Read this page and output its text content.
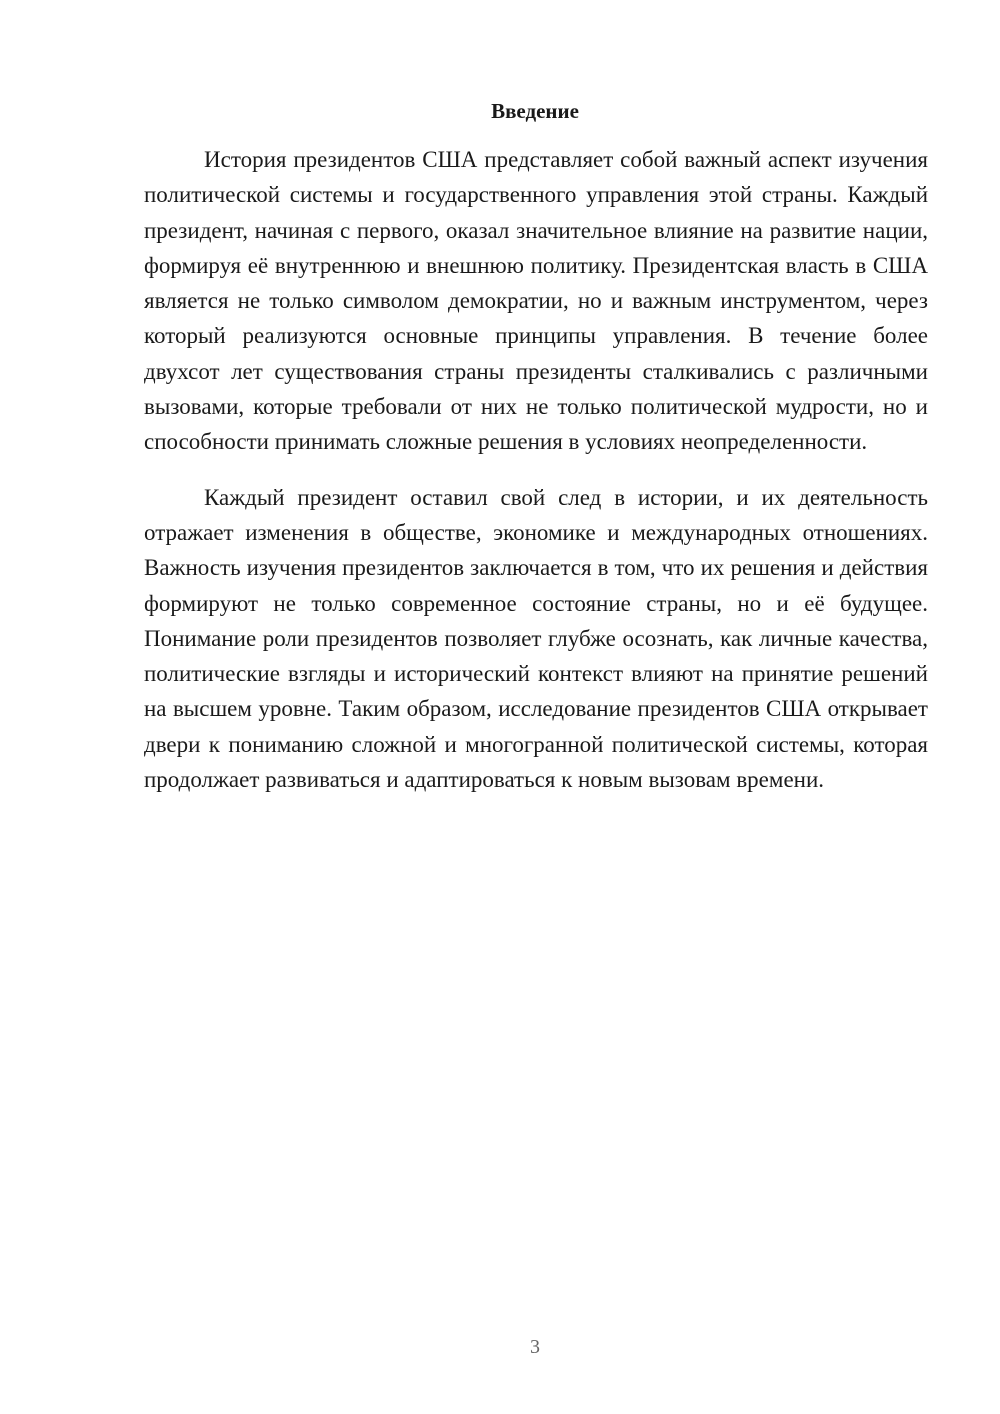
Введение

История президентов США представляет собой важный аспект изучения политической системы и государственного управления этой страны. Каждый президент, начиная с первого, оказал значительное влияние на развитие нации, формируя её внутреннюю и внешнюю политику. Президентская власть в США является не только символом демократии, но и важным инструментом, через который реализуются основные принципы управления. В течение более двухсот лет существования страны президенты сталкивались с различными вызовами, которые требовали от них не только политической мудрости, но и способности принимать сложные решения в условиях неопределенности.

Каждый президент оставил свой след в истории, и их деятельность отражает изменения в обществе, экономике и международных отношениях. Важность изучения президентов заключается в том, что их решения и действия формируют не только современное состояние страны, но и её будущее. Понимание роли президентов позволяет глубже осознать, как личные качества, политические взгляды и исторический контекст влияют на принятие решений на высшем уровне. Таким образом, исследование президентов США открывает двери к пониманию сложной и многогранной политической системы, которая продолжает развиваться и адаптироваться к новым вызовам времени.

3
